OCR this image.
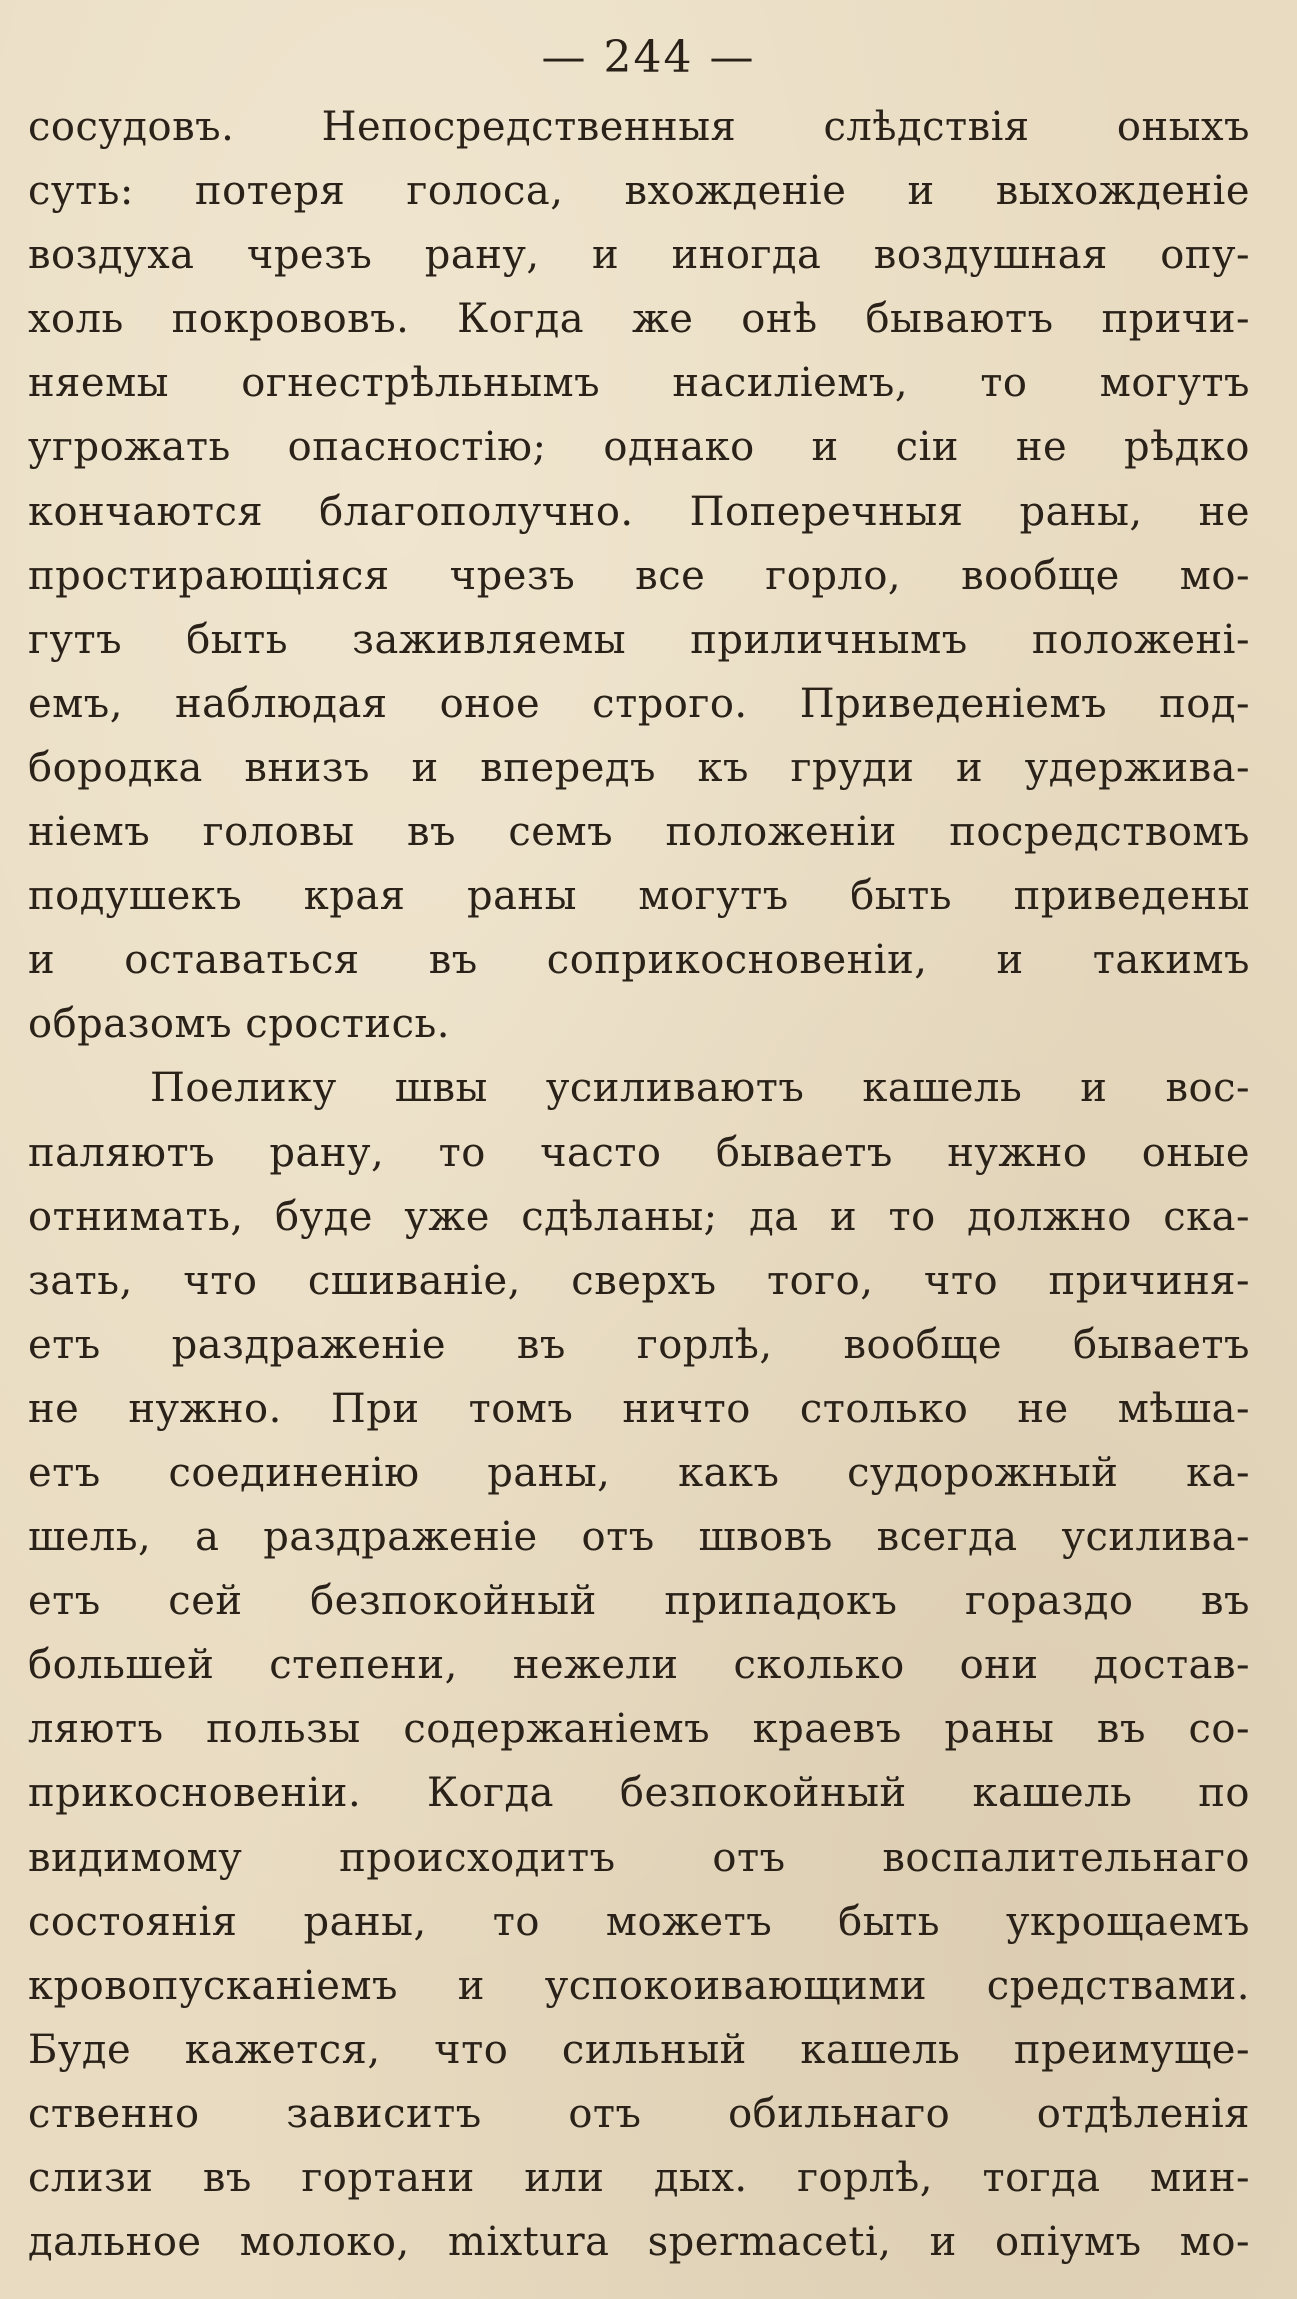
— 244 —
сосудовъ. Непосредственныя слѣдствiя оныхъ
суть: потеря голоса, вхожденiе и выхожденiе
воздуха чрезъ рану, и иногда воздушная опу-
холь покрововъ. Когда же онѣ бываютъ причи-
няемы огнестрѣльнымъ насилiемъ, то могутъ
угрожать опасностiю; однако и сiи не рѣдко
кончаются благополучно. Поперечныя раны, не
простирающiяся чрезъ все горло, вообще мо-
гутъ быть заживляемы приличнымъ положенi-
емъ, наблюдая оное строго. Приведенiемъ под-
бородка внизъ и впередъ къ груди и удержива-
нiемъ головы въ семъ положенiи посредствомъ
подушекъ края раны могутъ быть приведены
и оставаться въ соприкосновенiи, и такимъ
образомъ сростись.
Поелику швы усиливаютъ кашель и вос-
паляютъ рану, то часто бываетъ нужно оные
отнимать, буде уже сдѣланы; да и то должно ска-
зать, что сшиванiе, сверхъ того, что причиня-
етъ раздраженiе въ горлѣ, вообще бываетъ
не нужно. При томъ ничто столько не мѣша-
етъ соединенiю раны, какъ судорожный ка-
шель, а раздраженiе отъ швовъ всегда усилива-
етъ сей безпокойный припадокъ гораздо въ
большей степени, нежели сколько они достав-
ляютъ пользы содержанiемъ краевъ раны въ со-
прикосновенiи. Когда безпокойный кашель по
видимому происходитъ отъ воспалительнаго
состоянiя раны, то можетъ быть укрощаемъ
кровопусканiемъ и успокоивающими средствами.
Буде кажется, что сильный кашель преимуще-
ственно зависитъ отъ обильнаго отдѣленiя
слизи въ гортани или дых. горлѣ, тогда мин-
дальное молоко, mixtura spermaceti, и опiумъ мо-
